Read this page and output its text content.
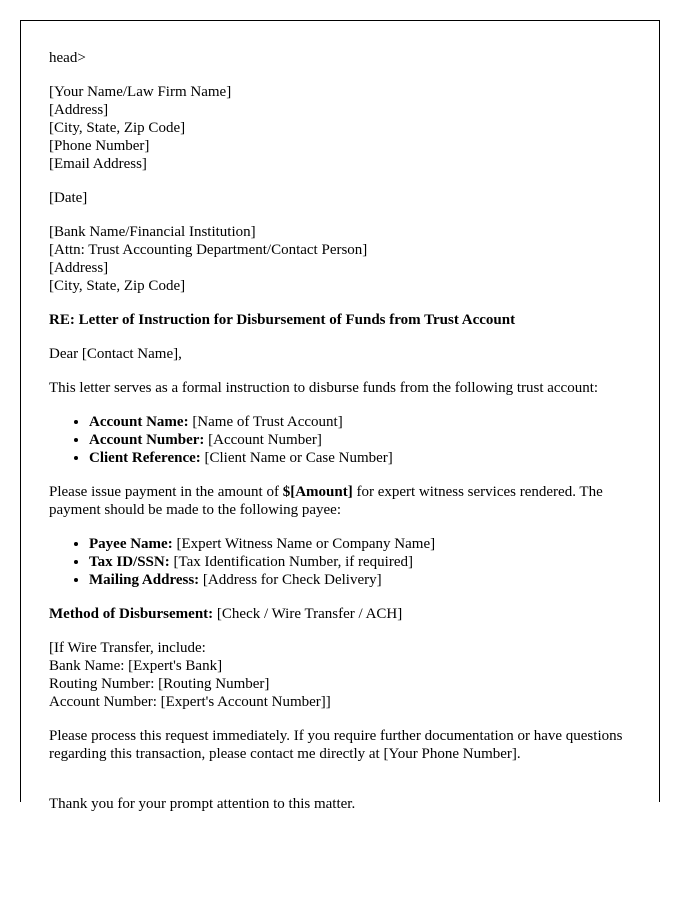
head>

[Your Name/Law Firm Name]
[Address]
[City, State, Zip Code]
[Phone Number]
[Email Address]

[Date]

[Bank Name/Financial Institution]
[Attn: Trust Accounting Department/Contact Person]
[Address]
[City, State, Zip Code]

RE: Letter of Instruction for Disbursement of Funds from Trust Account

Dear [Contact Name],

This letter serves as a formal instruction to disburse funds from the following trust account:

• Account Name: [Name of Trust Account]
• Account Number: [Account Number]
• Client Reference: [Client Name or Case Number]

Please issue payment in the amount of $[Amount] for expert witness services rendered. The payment should be made to the following payee:

• Payee Name: [Expert Witness Name or Company Name]
• Tax ID/SSN: [Tax Identification Number, if required]
• Mailing Address: [Address for Check Delivery]

Method of Disbursement: [Check / Wire Transfer / ACH]

[If Wire Transfer, include:
Bank Name: [Expert's Bank]
Routing Number: [Routing Number]
Account Number: [Expert's Account Number]]

Please process this request immediately. If you require further documentation or have questions regarding this transaction, please contact me directly at [Your Phone Number].

Thank you for your prompt attention to this matter.
